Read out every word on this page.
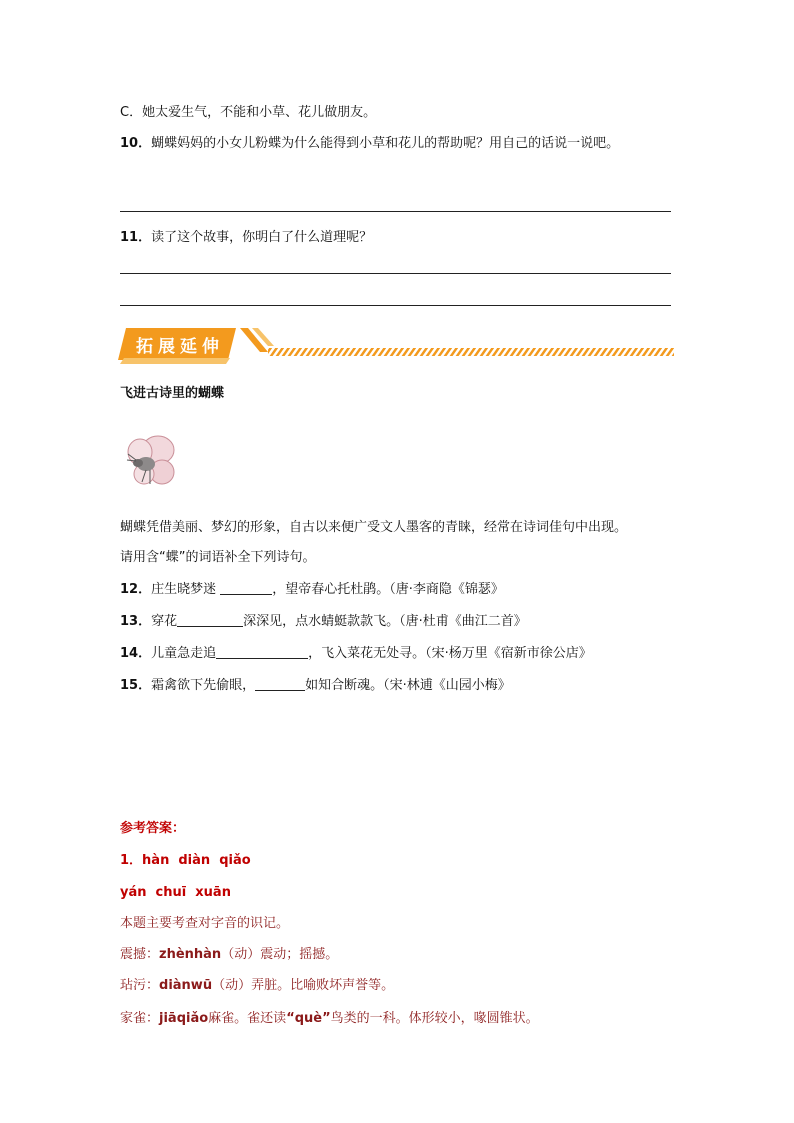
C．她太爱生气，不能和小草、花儿做朋友。
10．蝴蝶妈妈的小女儿粉蝶为什么能得到小草和花儿的帮助呢？用自己的话说一说吧。
11．读了这个故事，你明白了什么道理呢？
拓展延伸
飞进古诗里的蝴蝶
蝴蝶凭借美丽、梦幻的形象，自古以来便广受文人墨客的青睐，经常在诗词佳句中出现。
请用含“蝶”的词语补全下列诗句。
12．庄生晓梦迷	，望帝春心托杜鹃。（唐·李商隐《锦瑟》
13．穿花	深深见，点水蜻蜓款款飞。（唐·杜甫《曲江二首》
14．儿童急走追	，飞入菜花无处寻。（宋·杨万里《宿新市徐公店》
15．霜禽欲下先偷眼，	如知合断魂。（宋·林逋《山园小梅》
参考答案：
1．hàn  diàn  qiǎo
yán  chuī  xuān
本题主要考查对字音的识记。
震撼：zhènhàn（动）震动；摇撼。
玷污：diànwū（动）弄脏。比喻败坏声誉等。
家雀：jiāqiǎo麻雀。雀还读“què”鸟类的一科。体形较小，喙圆锥状。
